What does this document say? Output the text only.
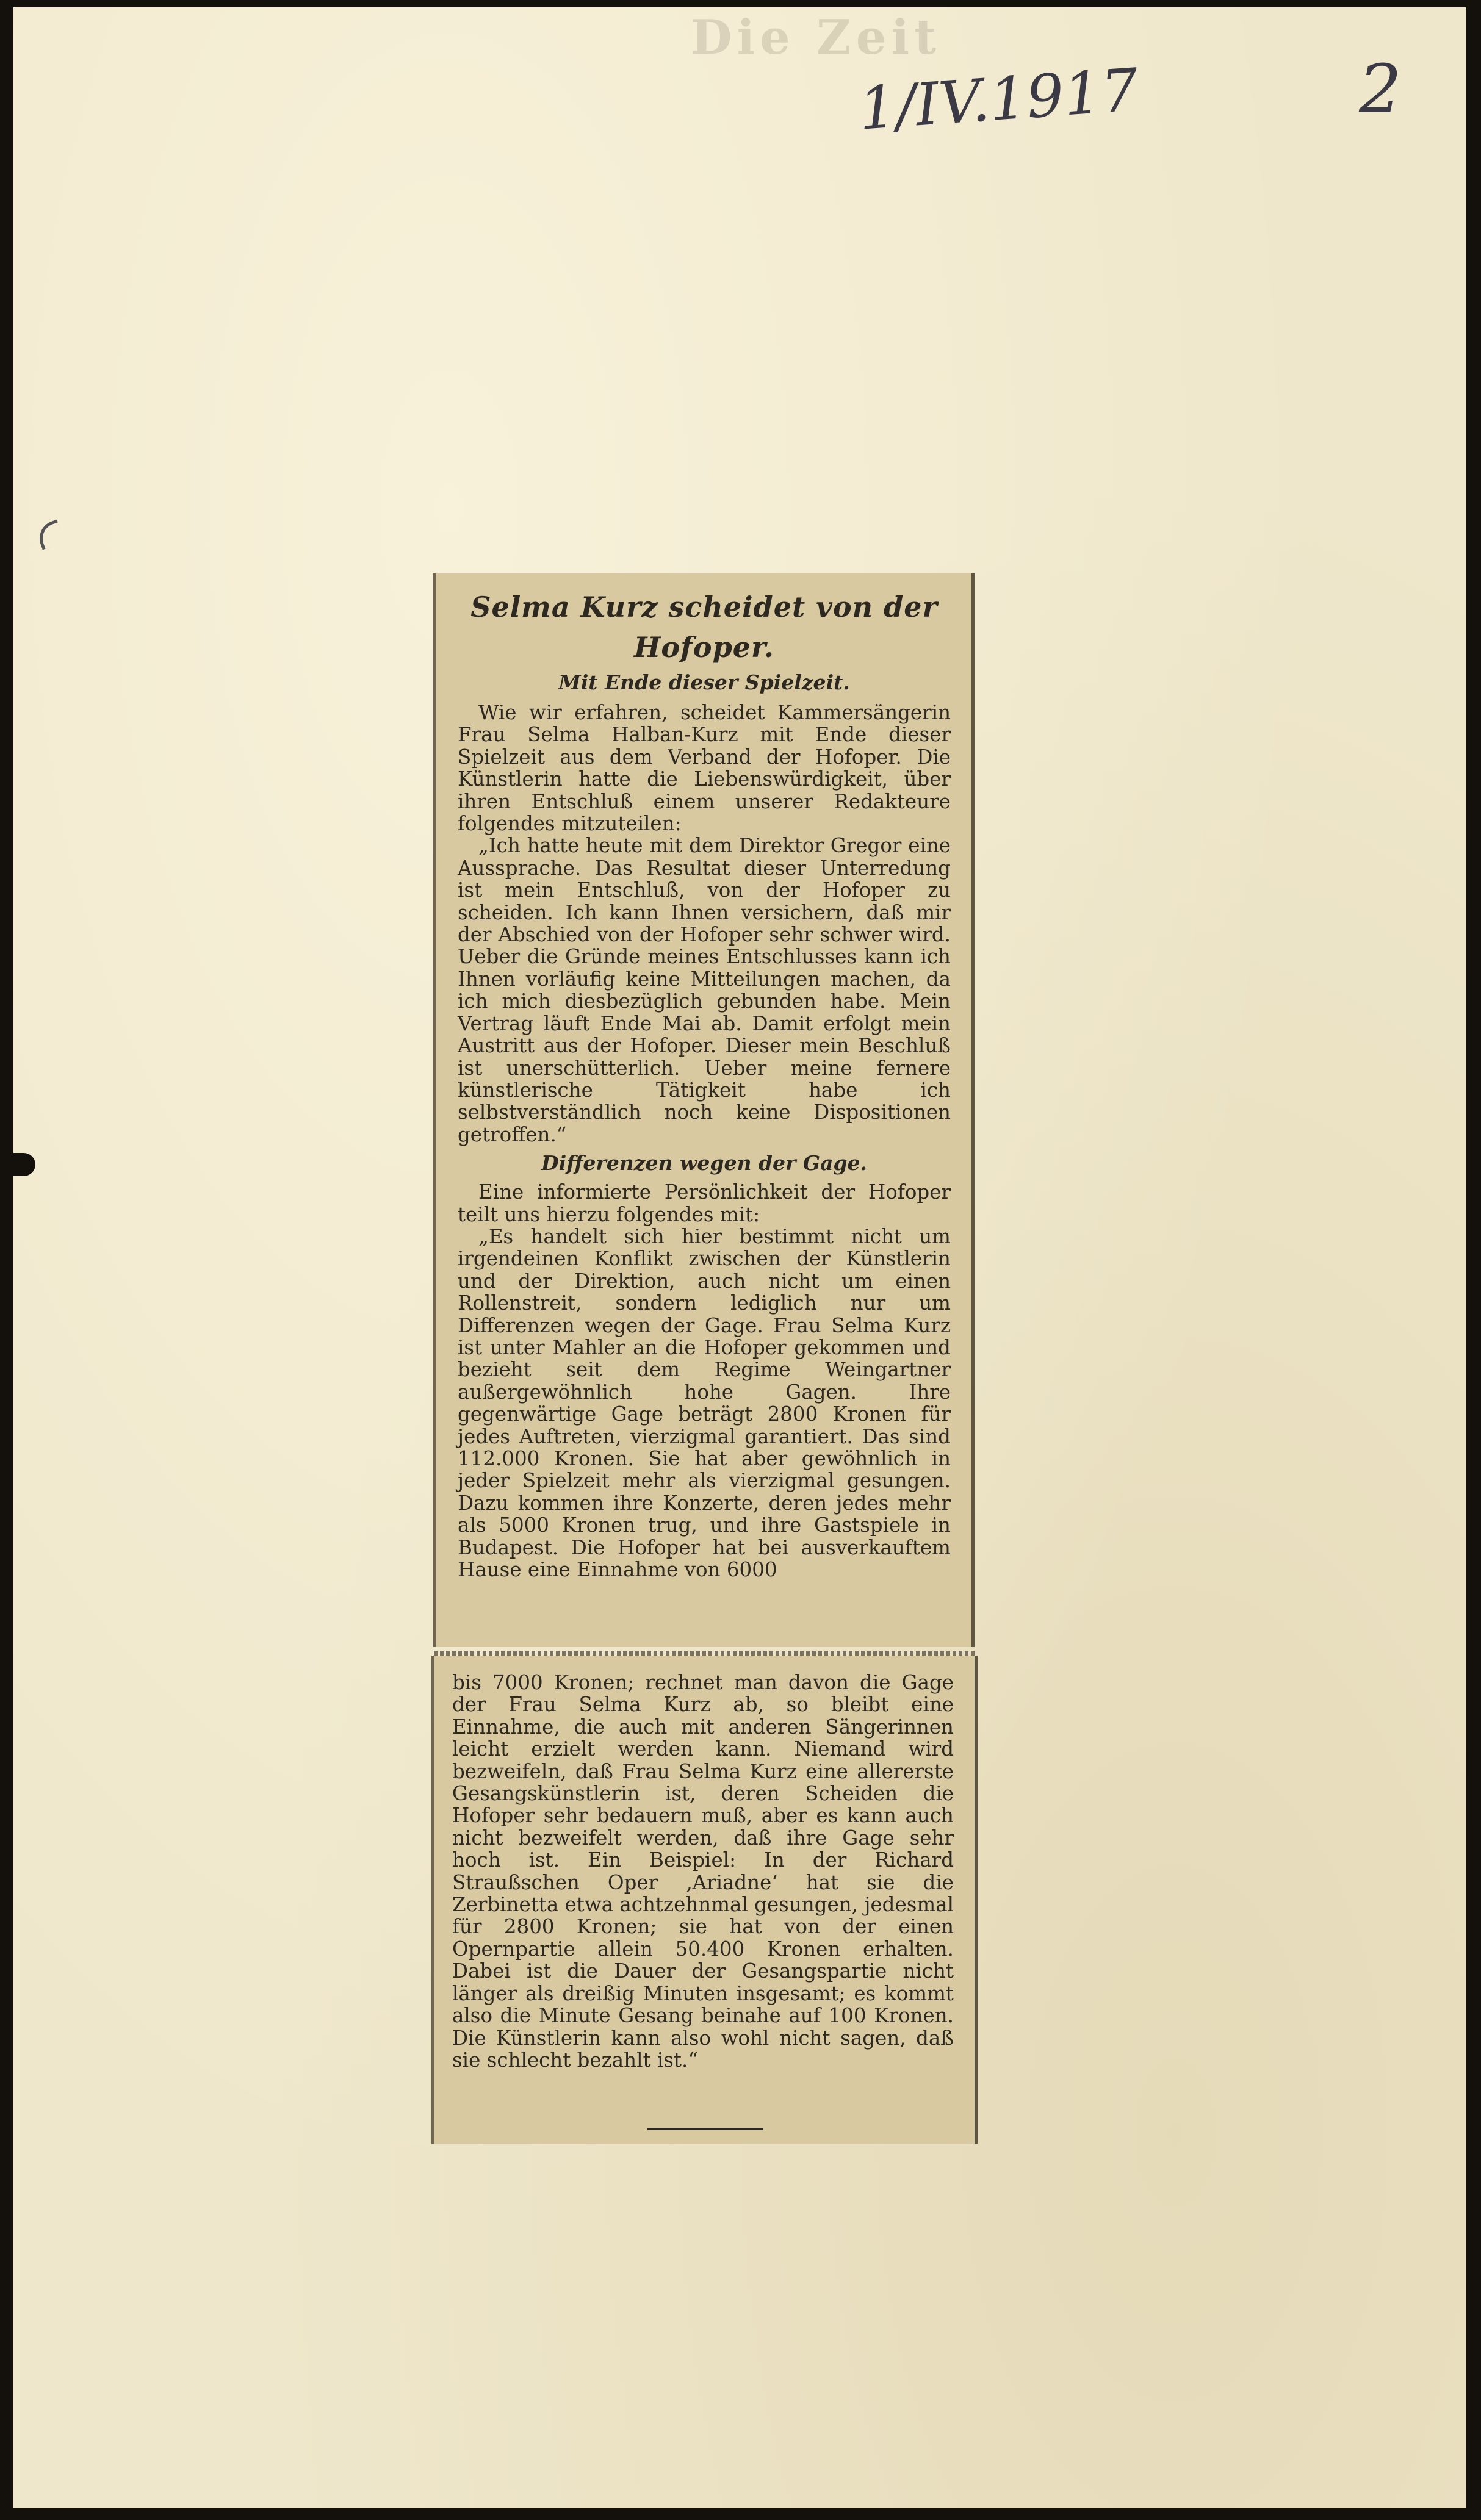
Die Zeit
1/IV.1917	2
Selma Kurz scheidet von der Hofoper.
Mit Ende dieser Spielzeit.

Wie wir erfahren, scheidet Kammersängerin Frau Selma Halban-Kurz mit Ende dieser Spielzeit aus dem Verband der Hofoper. Die Künstlerin hatte die Liebenswürdigkeit, über ihren Entschluß einem unserer Redakteure folgendes mitzuteilen:

„Ich hatte heute mit dem Direktor Gregor eine Aussprache. Das Resultat dieser Unterredung ist mein Entschluß, von der Hofoper zu scheiden. Ich kann Ihnen versichern, daß mir der Abschied von der Hofoper sehr schwer wird. Ueber die Gründe meines Entschlusses kann ich Ihnen vorläufig keine Mitteilungen machen, da ich mich diesbezüglich gebunden habe. Mein Vertrag läuft Ende Mai ab. Damit erfolgt mein Austritt aus der Hofoper. Dieser mein Beschluß ist unerschütterlich. Ueber meine fernere künstlerische Tätigkeit habe ich selbstverständlich noch keine Dispositionen getroffen.“

Differenzen wegen der Gage.

Eine informierte Persönlichkeit der Hofoper teilt uns hierzu folgendes mit:

„Es handelt sich hier bestimmt nicht um irgendeinen Konflikt zwischen der Künstlerin und der Direktion, auch nicht um einen Rollenstreit, sondern lediglich nur um Differenzen wegen der Gage. Frau Selma Kurz ist unter Mahler an die Hofoper gekommen und bezieht seit dem Regime Weingartner außergewöhnlich hohe Gagen. Ihre gegenwärtige Gage beträgt 2800 Kronen für jedes Auftreten, vierzigmal garantiert. Das sind 112.000 Kronen. Sie hat aber gewöhnlich in jeder Spielzeit mehr als vierzigmal gesungen. Dazu kommen ihre Konzerte, deren jedes mehr als 5000 Kronen trug, und ihre Gastspiele in Budapest. Die Hofoper hat bei ausverkauftem Hause eine Einnahme von 6000

bis 7000 Kronen; rechnet man davon die Gage der Frau Selma Kurz ab, so bleibt eine Einnahme, die auch mit anderen Sängerinnen leicht erzielt werden kann. Niemand wird bezweifeln, daß Frau Selma Kurz eine allererste Gesangskünstlerin ist, deren Scheiden die Hofoper sehr bedauern muß, aber es kann auch nicht bezweifelt werden, daß ihre Gage sehr hoch ist. Ein Beispiel: In der Richard Straußschen Oper ‚Ariadne‘ hat sie die Zerbinetta etwa achtzehnmal gesungen, jedesmal für 2800 Kronen; sie hat von der einen Opernpartie allein 50.400 Kronen erhalten. Dabei ist die Dauer der Gesangspartie nicht länger als dreißig Minuten insgesamt; es kommt also die Minute Gesang beinahe auf 100 Kronen. Die Künstlerin kann also wohl nicht sagen, daß sie schlecht bezahlt ist.“
